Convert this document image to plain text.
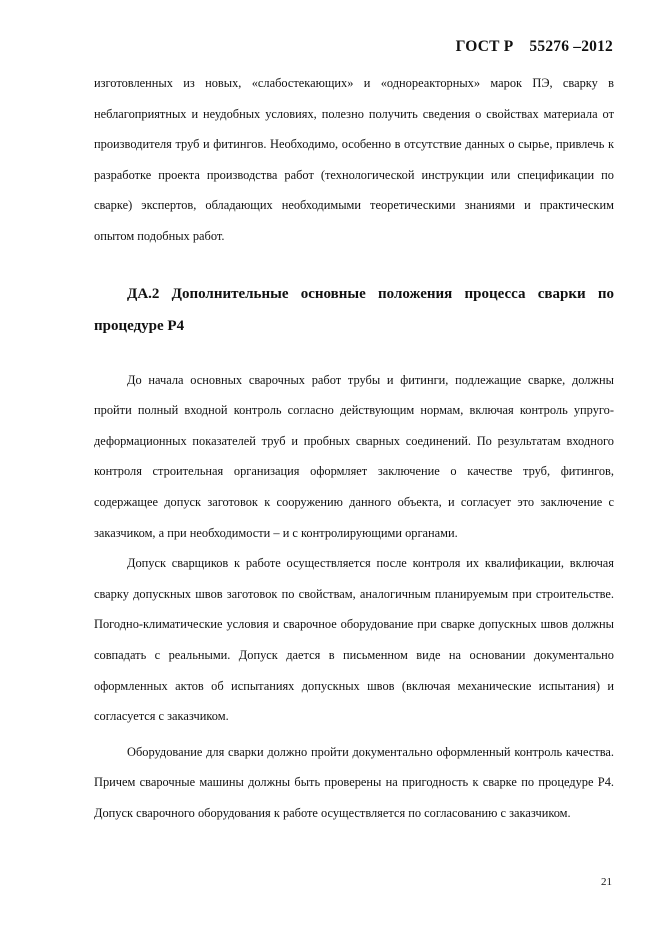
ГОСТ Р 55276 –2012

изготовленных из новых, «слабостекающих» и «однореакторных» марок ПЭ, сварку в неблагоприятных и неудобных условиях, полезно получить сведения о свойствах материала от производителя труб и фитингов. Необходимо, особенно в отсутствие данных о сырье, привлечь к разработке проекта производства работ (технологической инструкции или спецификации по сварке) экспертов, обладающих необходимыми теоретическими знаниями и практическим опытом подобных работ.

ДА.2 Дополнительные основные положения процесса сварки по процедуре Р4

До начала основных сварочных работ трубы и фитинги, подлежащие сварке, должны пройти полный входной контроль согласно действующим нормам, включая контроль упруго-деформационных показателей труб и пробных сварных соединений. По результатам входного контроля строительная организация оформляет заключение о качестве труб, фитингов, содержащее допуск заготовок к сооружению данного объекта, и согласует это заключение с заказчиком, а при необходимости – и с контролирующими органами.

Допуск сварщиков к работе осуществляется после контроля их квалификации, включая сварку допускных швов заготовок по свойствам, аналогичным планируемым при строительстве. Погодно-климатические условия и сварочное оборудование при сварке допускных швов должны совпадать с реальными. Допуск дается в письменном виде на основании документально оформленных актов об испытаниях допускных швов (включая механические испытания) и согласуется с заказчиком.

Оборудование для сварки должно пройти документально оформленный контроль качества. Причем сварочные машины должны быть проверены на пригодность к сварке по процедуре Р4. Допуск сварочного оборудования к работе осуществляется по согласованию с заказчиком.

21
